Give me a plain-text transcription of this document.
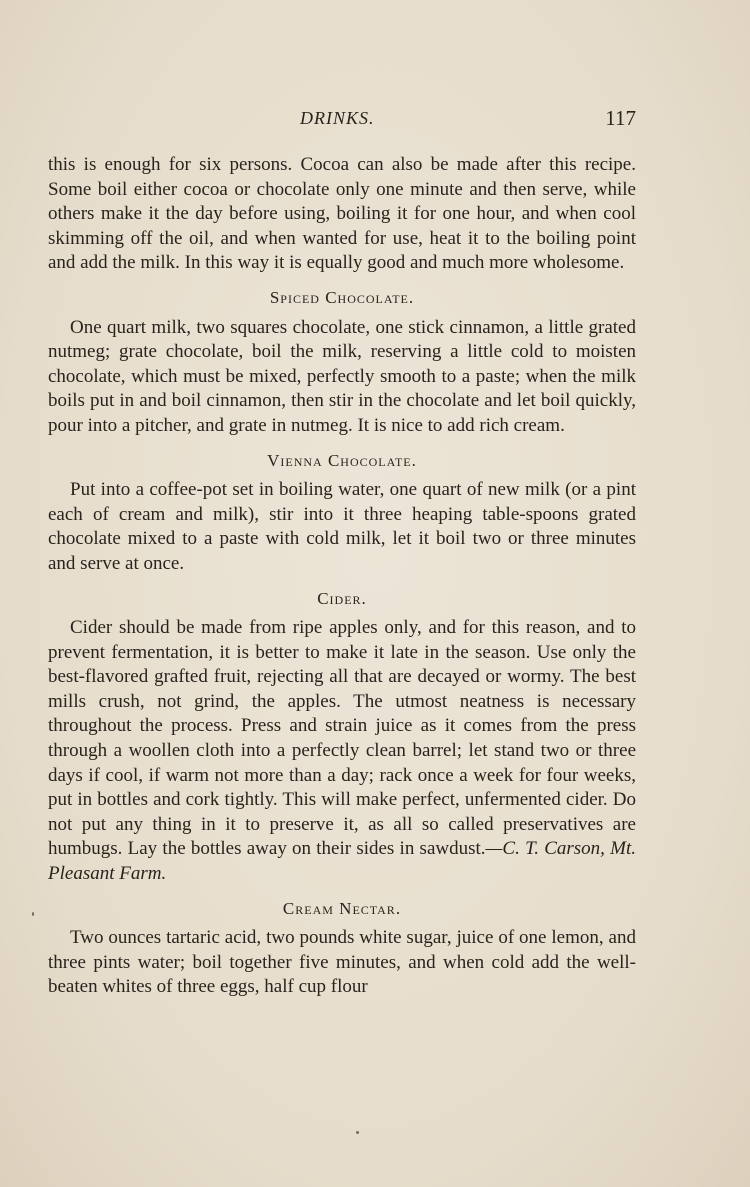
DRINKS.	117

this is enough for six persons. Cocoa can also be made after this recipe. Some boil either cocoa or chocolate only one minute and then serve, while others make it the day before using, boiling it for one hour, and when cool skimming off the oil, and when wanted for use, heat it to the boiling point and add the milk. In this way it is equally good and much more wholesome.

Spiced Chocolate.

One quart milk, two squares chocolate, one stick cinnamon, a little grated nutmeg; grate chocolate, boil the milk, reserving a little cold to moisten chocolate, which must be mixed, perfectly smooth to a paste; when the milk boils put in and boil cinnamon, then stir in the chocolate and let boil quickly, pour into a pitcher, and grate in nutmeg. It is nice to add rich cream.

Vienna Chocolate.

Put into a coffee-pot set in boiling water, one quart of new milk (or a pint each of cream and milk), stir into it three heaping table-spoons grated chocolate mixed to a paste with cold milk, let it boil two or three minutes and serve at once.

Cider.

Cider should be made from ripe apples only, and for this reason, and to prevent fermentation, it is better to make it late in the season. Use only the best-flavored grafted fruit, rejecting all that are decayed or wormy. The best mills crush, not grind, the apples. The utmost neatness is necessary throughout the process. Press and strain juice as it comes from the press through a woollen cloth into a perfectly clean barrel; let stand two or three days if cool, if warm not more than a day; rack once a week for four weeks, put in bottles and cork tightly. This will make perfect, unfermented cider. Do not put any thing in it to preserve it, as all so called preservatives are humbugs. Lay the bottles away on their sides in sawdust.—C. T. Carson, Mt. Pleasant Farm.

Cream Nectar.

Two ounces tartaric acid, two pounds white sugar, juice of one lemon, and three pints water; boil together five minutes, and when cold add the well-beaten whites of three eggs, half cup flour
